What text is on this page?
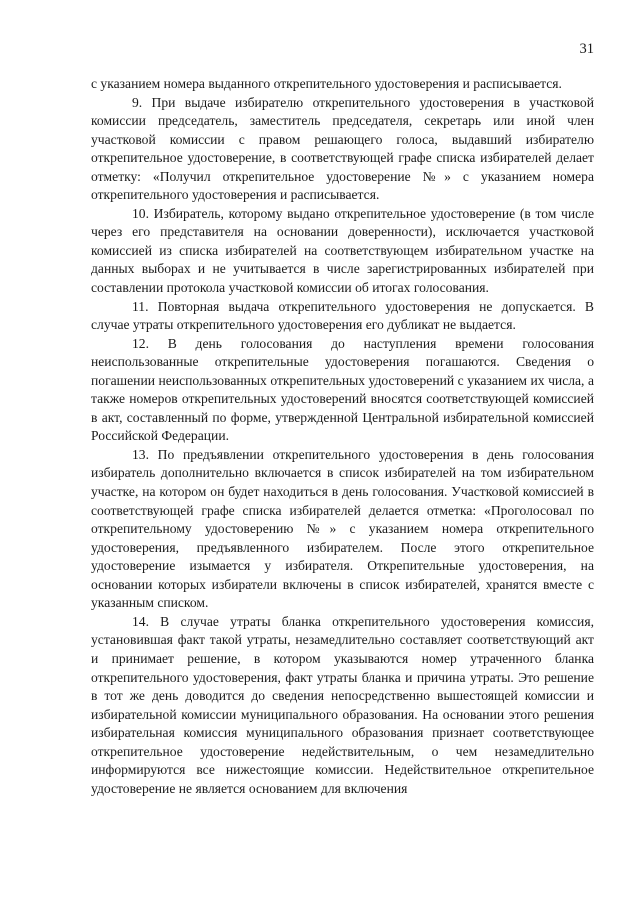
31

с указанием номера выданного открепительного удостоверения и расписывается.

9. При выдаче избирателю открепительного удостоверения в участковой комиссии председатель, заместитель председателя, секретарь или иной член участковой комиссии с правом решающего голоса, выдавший избирателю открепительное удостоверение, в соответствующей графе списка избирателей делает отметку: «Получил открепительное удостоверение №» с указанием номера открепительного удостоверения и расписывается.

10. Избиратель, которому выдано открепительное удостоверение (в том числе через его представителя на основании доверенности), исключается участковой комиссией из списка избирателей на соответствующем избирательном участке на данных выборах и не учитывается в числе зарегистрированных избирателей при составлении протокола участковой комиссии об итогах голосования.

11. Повторная выдача открепительного удостоверения не допускается. В случае утраты открепительного удостоверения его дубликат не выдается.

12. В день голосования до наступления времени голосования неиспользованные открепительные удостоверения погашаются. Сведения о погашении неиспользованных открепительных удостоверений с указанием их числа, а также номеров открепительных удостоверений вносятся соответствующей комиссией в акт, составленный по форме, утвержденной Центральной избирательной комиссией Российской Федерации.

13. По предъявлении открепительного удостоверения в день голосования избиратель дополнительно включается в список избирателей на том избирательном участке, на котором он будет находиться в день голосования. Участковой комиссией в соответствующей графе списка избирателей делается отметка: «Проголосовал по открепительному удостоверению №» с указанием номера открепительного удостоверения, предъявленного избирателем. После этого открепительное удостоверение изымается у избирателя. Открепительные удостоверения, на основании которых избиратели включены в список избирателей, хранятся вместе с указанным списком.

14. В случае утраты бланка открепительного удостоверения комиссия, установившая факт такой утраты, незамедлительно составляет соответствующий акт и принимает решение, в котором указываются номер утраченного бланка открепительного удостоверения, факт утраты бланка и причина утраты. Это решение в тот же день доводится до сведения непосредственно вышестоящей комиссии и избирательной комиссии муниципального образования. На основании этого решения избирательная комиссия муниципального образования признает соответствующее открепительное удостоверение недействительным, о чем незамедлительно информируются все нижестоящие комиссии. Недействительное открепительное удостоверение не является основанием для включения
